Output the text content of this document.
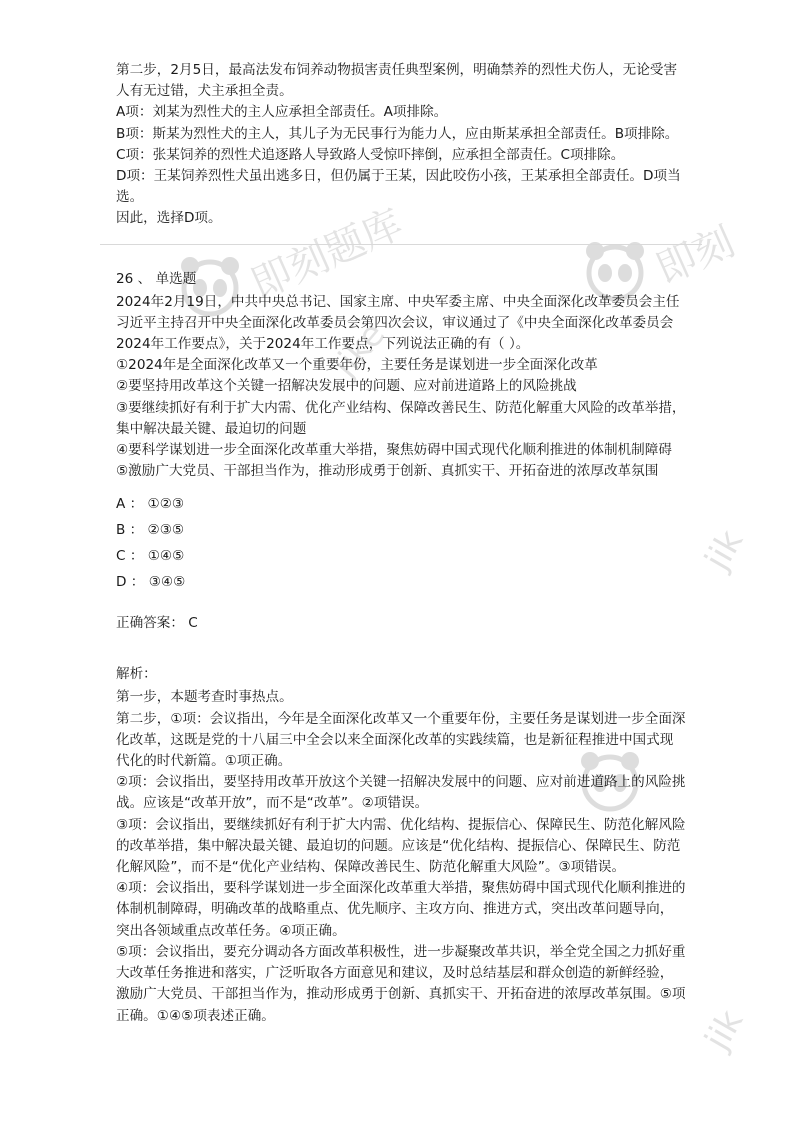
即刻题库	即刻
jike
jik
jik

第二步，2月5日，最高法发布饲养动物损害责任典型案例，明确禁养的烈性犬伤人，无论受害人有无过错，犬主承担全责。

A项：刘某为烈性犬的主人应承担全部责任。A项排除。

B项：斯某为烈性犬的主人，其儿子为无民事行为能力人，应由斯某承担全部责任。B项排除。

C项：张某饲养的烈性犬追逐路人导致路人受惊吓摔倒，应承担全部责任。C项排除。

D项：王某饲养烈性犬虽出逃多日，但仍属于王某，因此咬伤小孩，王某承担全部责任。D项当选。

因此，选择D项。

26 、 单选题

2024年2月19日，中共中央总书记、国家主席、中央军委主席、中央全面深化改革委员会主任习近平主持召开中央全面深化改革委员会第四次会议，审议通过了《中央全面深化改革委员会2024年工作要点》，关于2024年工作要点，下列说法正确的有（ ）。

①2024年是全面深化改革又一个重要年份，主要任务是谋划进一步全面深化改革

②要坚持用改革这个关键一招解决发展中的问题、应对前进道路上的风险挑战

③要继续抓好有利于扩大内需、优化产业结构、保障改善民生、防范化解重大风险的改革举措，集中解决最关键、最迫切的问题

④要科学谋划进一步全面深化改革重大举措，聚焦妨碍中国式现代化顺利推进的体制机制障碍

⑤激励广大党员、干部担当作为，推动形成勇于创新、真抓实干、开拓奋进的浓厚改革氛围

A ： ①②③

B ： ②③⑤

C ： ①④⑤

D ： ③④⑤

正确答案： C

解析：

第一步，本题考查时事热点。

第二步，①项：会议指出，今年是全面深化改革又一个重要年份，主要任务是谋划进一步全面深化改革，这既是党的十八届三中全会以来全面深化改革的实践续篇，也是新征程推进中国式现代化的时代新篇。①项正确。

②项：会议指出，要坚持用改革开放这个关键一招解决发展中的问题、应对前进道路上的风险挑战。应该是“改革开放”，而不是“改革”。②项错误。

③项：会议指出，要继续抓好有利于扩大内需、优化结构、提振信心、保障民生、防范化解风险的改革举措，集中解决最关键、最迫切的问题。应该是“优化结构、提振信心、保障民生、防范化解风险”，而不是“优化产业结构、保障改善民生、防范化解重大风险”。③项错误。

④项：会议指出，要科学谋划进一步全面深化改革重大举措，聚焦妨碍中国式现代化顺利推进的体制机制障碍，明确改革的战略重点、优先顺序、主攻方向、推进方式，突出改革问题导向，突出各领域重点改革任务。④项正确。

⑤项：会议指出，要充分调动各方面改革积极性，进一步凝聚改革共识，举全党全国之力抓好重大改革任务推进和落实，广泛听取各方面意见和建议，及时总结基层和群众创造的新鲜经验，激励广大党员、干部担当作为，推动形成勇于创新、真抓实干、开拓奋进的浓厚改革氛围。⑤项正确。①④⑤项表述正确。
